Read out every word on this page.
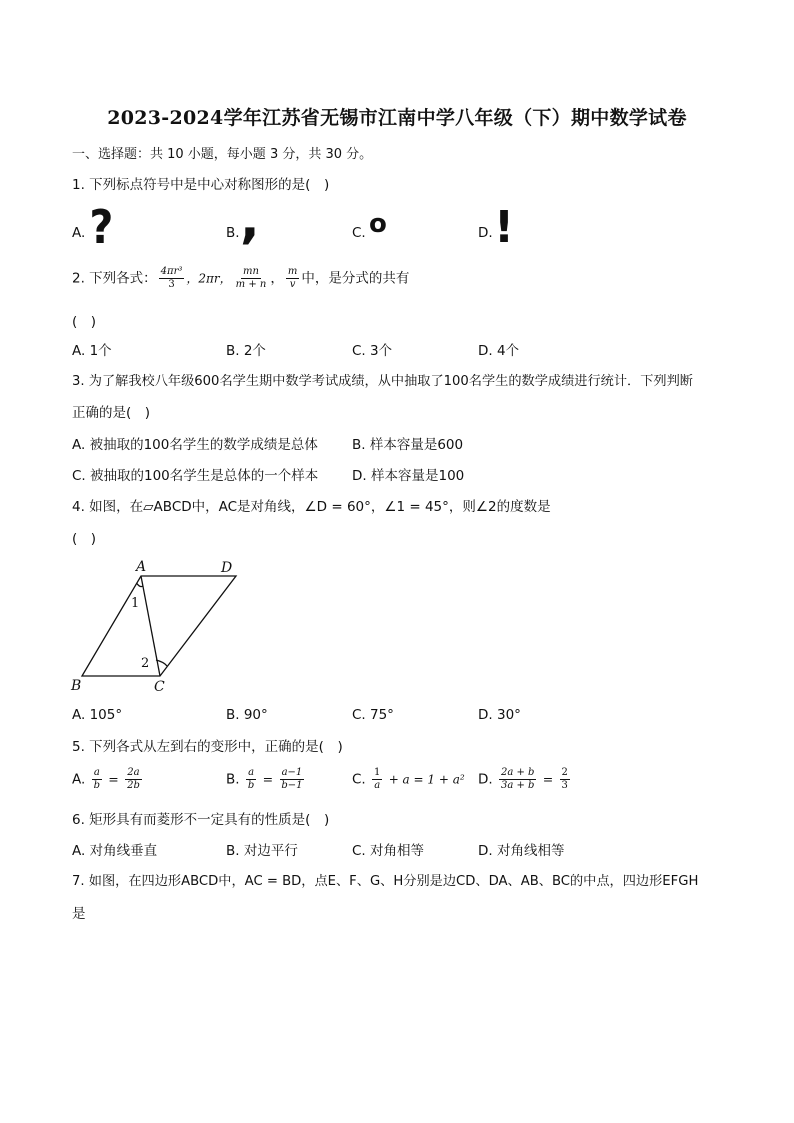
2023-2024学年江苏省无锡市江南中学八年级（下）期中数学试卷
一、选择题：共 10 小题，每小题 3 分，共 30 分。
1. 下列标点符号中是中心对称图形的是(　)
A. ?	B. ,	C. o	D. !
2. 下列各式： $\frac{\text{4πr³}}{3}$ ，2πr， $\frac{mn}{m + n}$ ， $\frac{m}{v}$ 中，是分式的共有
(　)
A. 1个	B. 2个	C. 3个	D. 4个
3. 为了解我校八年级600名学生期中数学考试成绩，从中抽取了100名学生的数学成绩进行统计．下列判断
正确的是(　)
A. 被抽取的100名学生的数学成绩是总体	B. 样本容量是600
C. 被抽取的100名学生是总体的一个样本 D. 样本容量是100
4. 如图，在▱ABCD中，AC是对角线，∠D = 60°，∠1 = 45°，则∠2的度数是
(　)
A	D
B	C
1
2
A. 105°	B. 90°	C. 75°	D. 30°
5. 下列各式从左到右的变形中，正确的是(　)
A. $\frac{a}{b} = \frac{2a}{2b}$	B. $\frac{a}{b} = \frac{a-1}{b-1}$	C. $\frac{1}{a} + a = 1 + a^2$ D. $\frac{2a + b}{3a + b} = \frac{2}{3}$
6. 矩形具有而菱形不一定具有的性质是(　)
A. 对角线垂直	B. 对边平行	C. 对角相等	D. 对角线相等
7. 如图，在四边形ABCD中，AC = BD，点E、F、G、H分别是边CD、DA、AB、BC的中点，四边形EFGH
是
